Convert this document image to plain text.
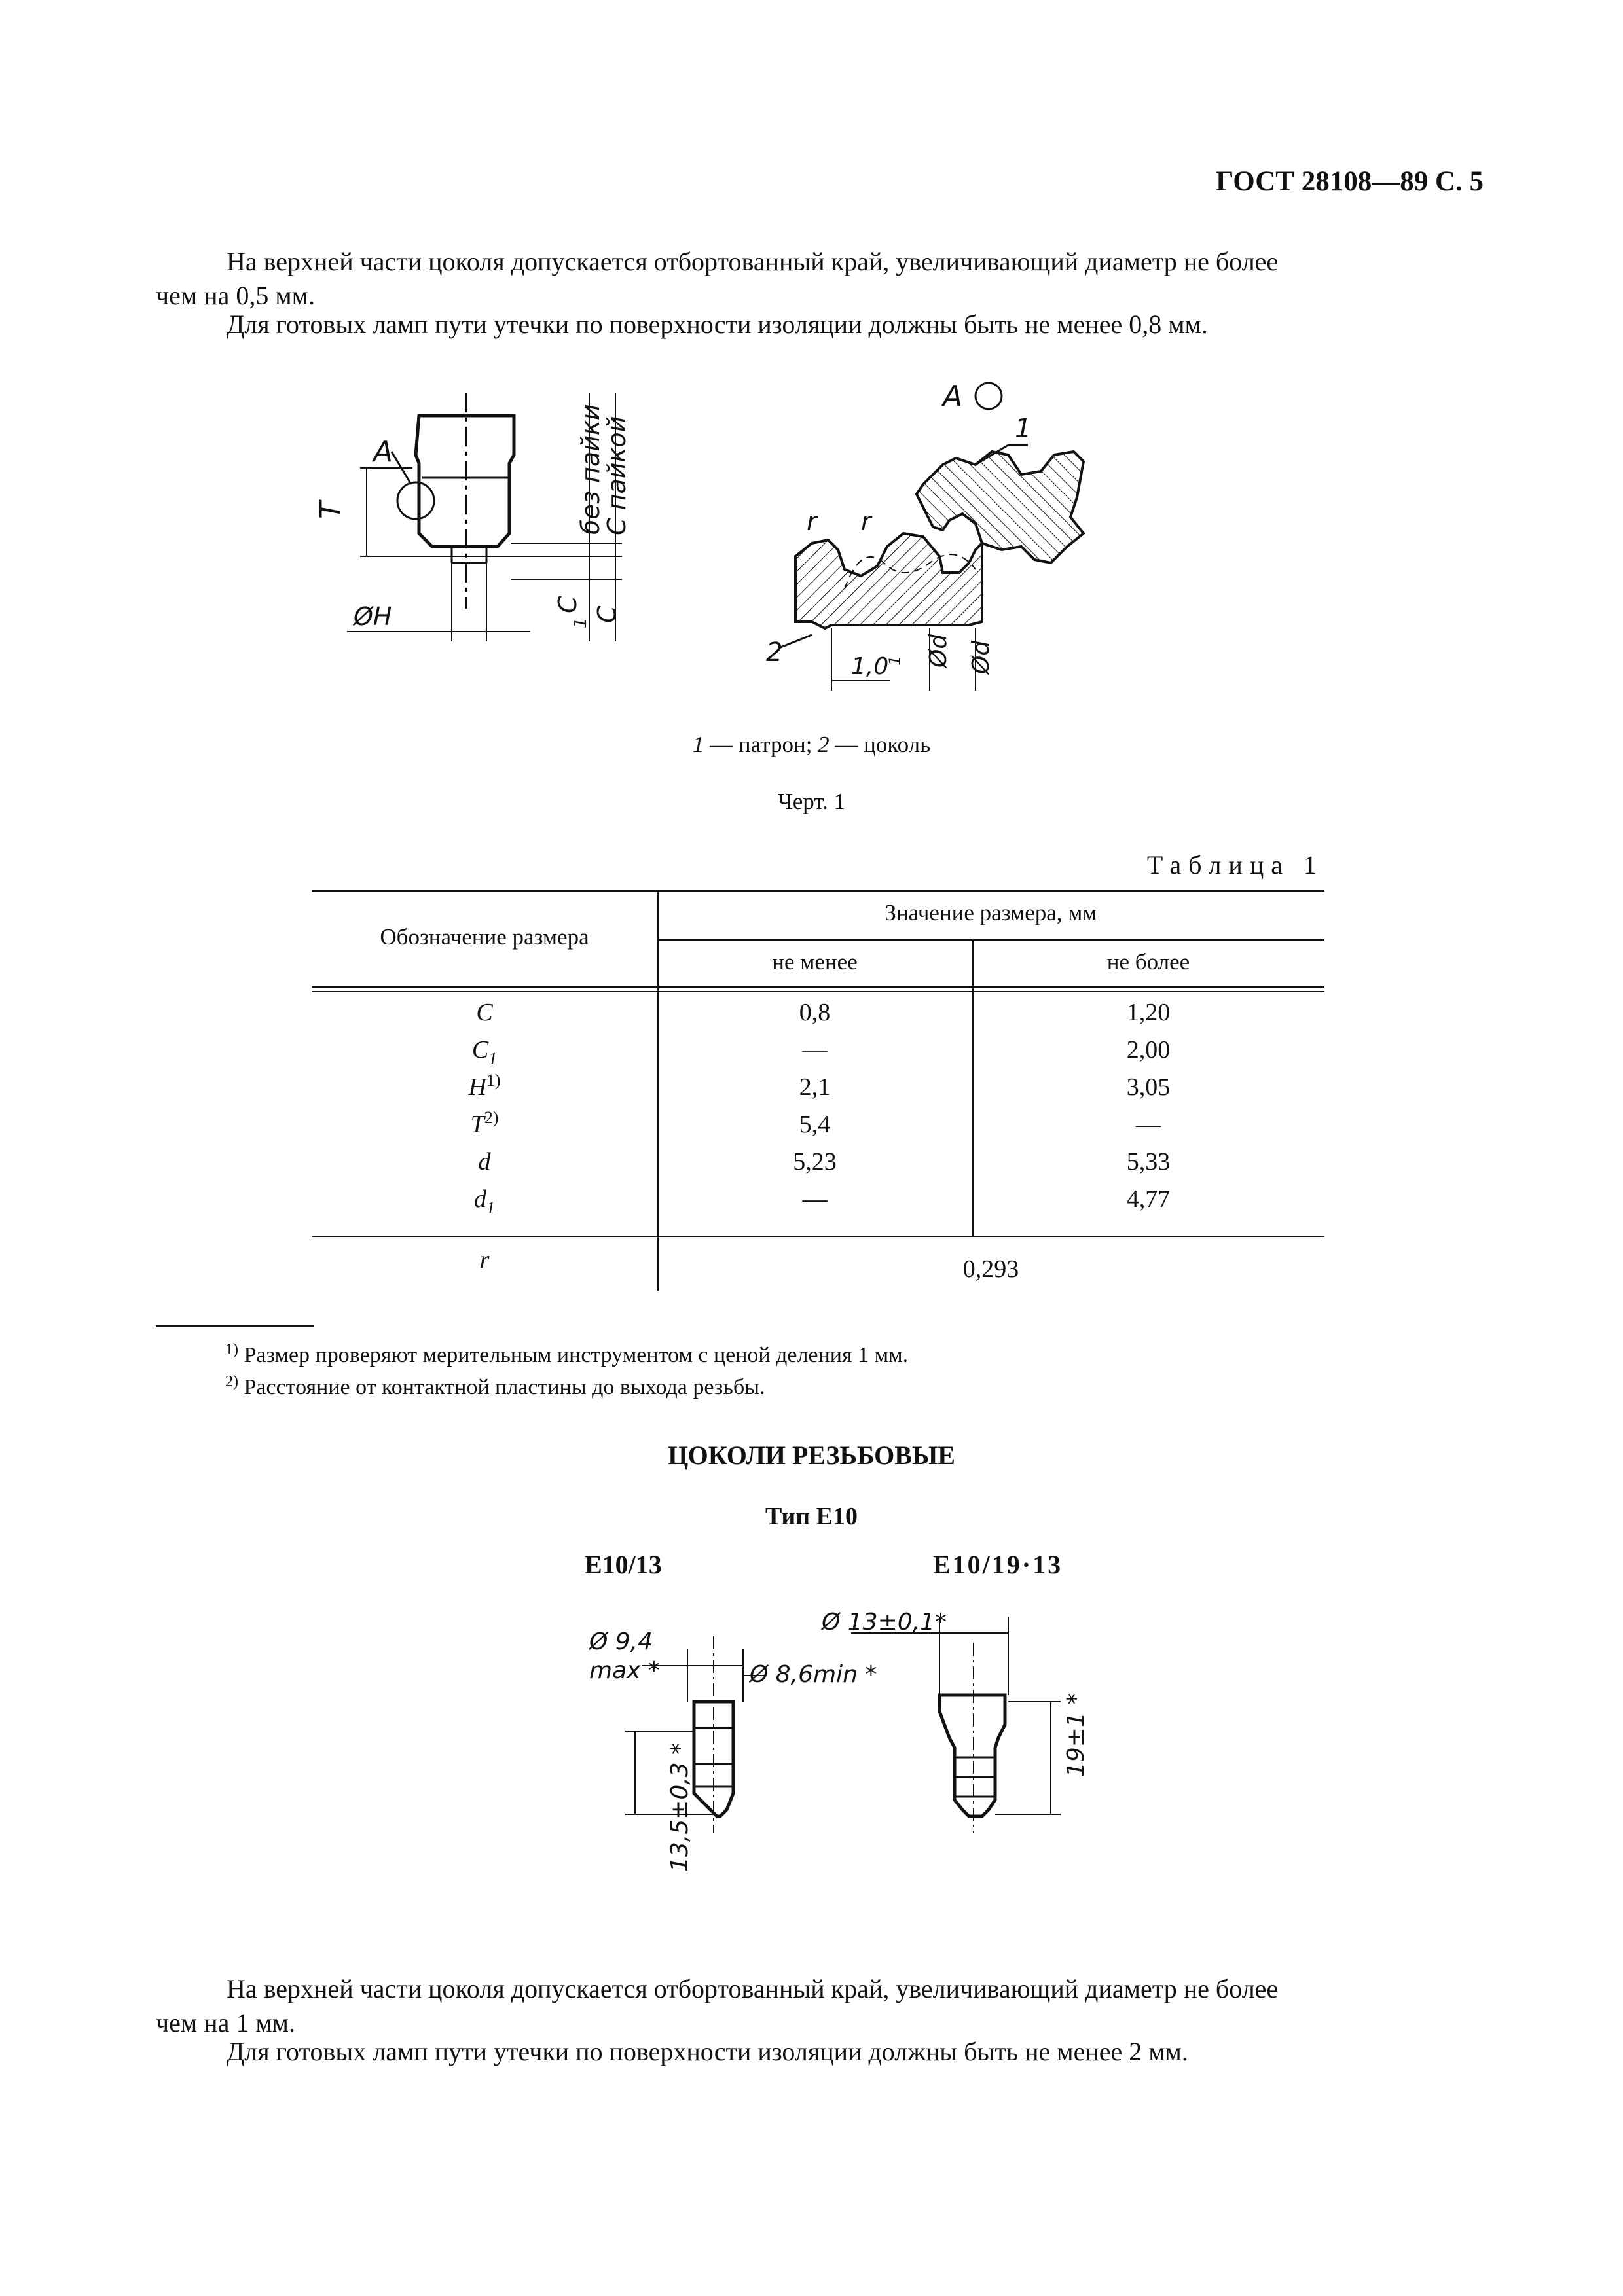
ГОСТ 28108—89 С. 5
На верхней части цоколя допускается отбортованный край, увеличивающий диаметр не более
чем на 0,5 мм.
Для готовых ламп пути утечки по поверхности изоляции должны быть не менее 0,8 мм.
А
Т
ØН
без пайки
С пайкой
С
С
1
А
1
2
r r
1,0 Ød
1	Ød
1 — патрон; 2 — цоколь
Черт. 1
Таблица 1
Обозначение размера
Значение размера, мм
не менее	не более
C	0,8	1,20
$C_1$	—	2,00
$H^{1)}$	2,1	3,05
$T^{2)}$	5,4	—
d	5,23	5,33
$d_1$	—	4,77
r	0,293
$^{1)}$ Размер проверяют мерительным инструментом с ценой деления 1 мм.
$^{2)}$ Расстояние от контактной пластины до выхода резьбы.
ЦОКОЛИ РЕЗЬБОВЫЕ
Тип Е10
Е10/13	Е10/19·13
Ø 9,4
max *	Ø 8,6min *
13,5±0,3 *
Ø 13±0,1*
19±1 *
На верхней части цоколя допускается отбортованный край, увеличивающий диаметр не более
чем на 1 мм.
Для готовых ламп пути утечки по поверхности изоляции должны быть не менее 2 мм.
